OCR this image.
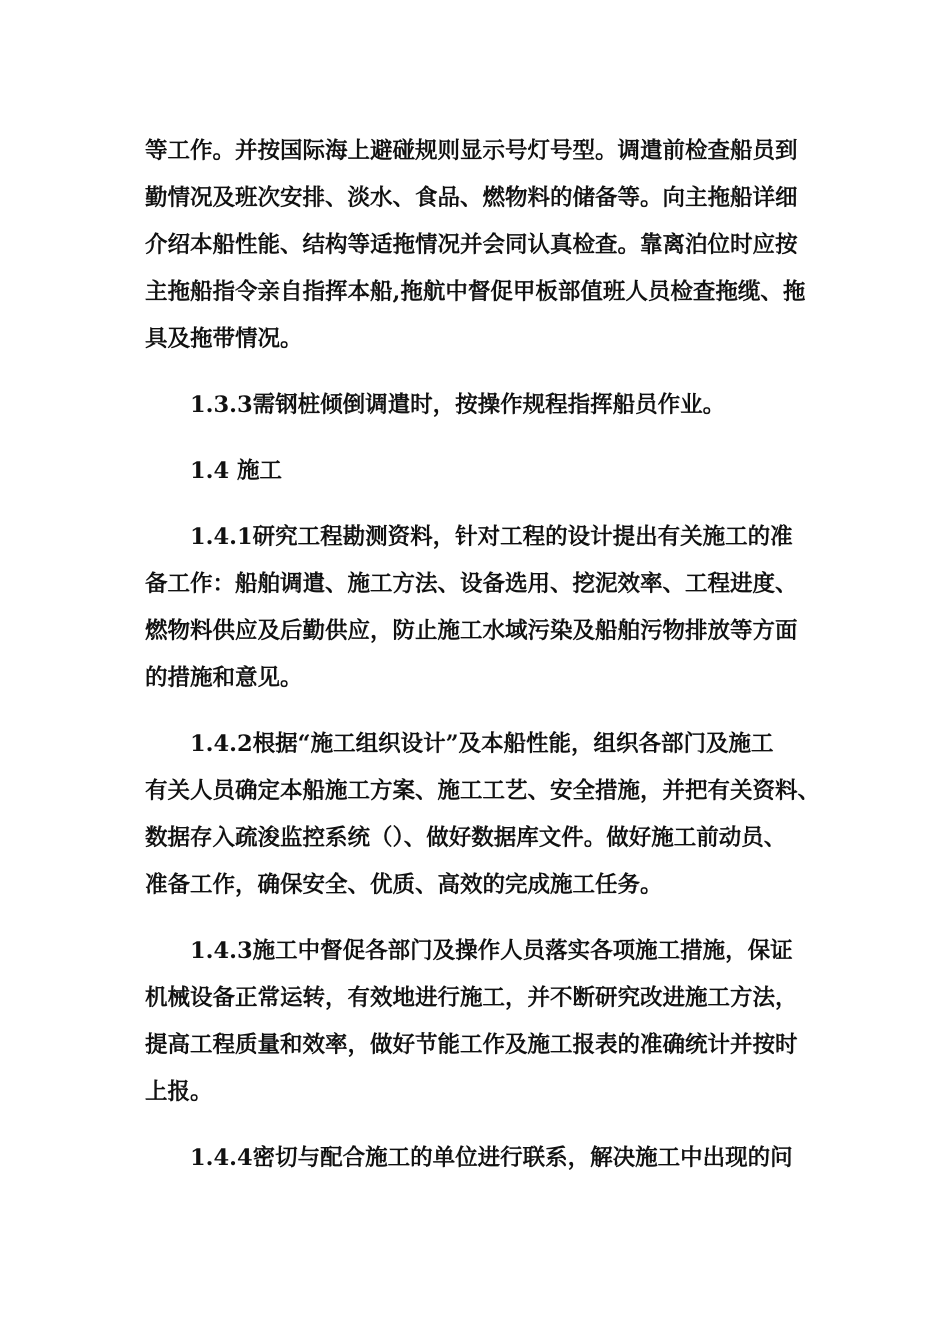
等工作。并按国际海上避碰规则显示号灯号型。调遣前检查船员到
勤情况及班次安排、淡水、食品、燃物料的储备等。向主拖船详细
介绍本船性能、结构等适拖情况并会同认真检查。靠离泊位时应按
主拖船指令亲自指挥本船,拖航中督促甲板部值班人员检查拖缆、拖
具及拖带情况。

1.3.3需钢桩倾倒调遣时，按操作规程指挥船员作业。

1.4 施工

1.4.1研究工程勘测资料，针对工程的设计提出有关施工的准
备工作：船舶调遣、施工方法、设备选用、挖泥效率、工程进度、
燃物料供应及后勤供应，防止施工水域污染及船舶污物排放等方面
的措施和意见。

1.4.2根据“施工组织设计”及本船性能，组织各部门及施工
有关人员确定本船施工方案、施工工艺、安全措施，并把有关资料、
数据存入疏浚监控系统（）、做好数据库文件。做好施工前动员、
准备工作，确保安全、优质、高效的完成施工任务。

1.4.3施工中督促各部门及操作人员落实各项施工措施，保证
机械设备正常运转，有效地进行施工，并不断研究改进施工方法，
提高工程质量和效率，做好节能工作及施工报表的准确统计并按时
上报。

1.4.4密切与配合施工的单位进行联系，解决施工中出现的问
